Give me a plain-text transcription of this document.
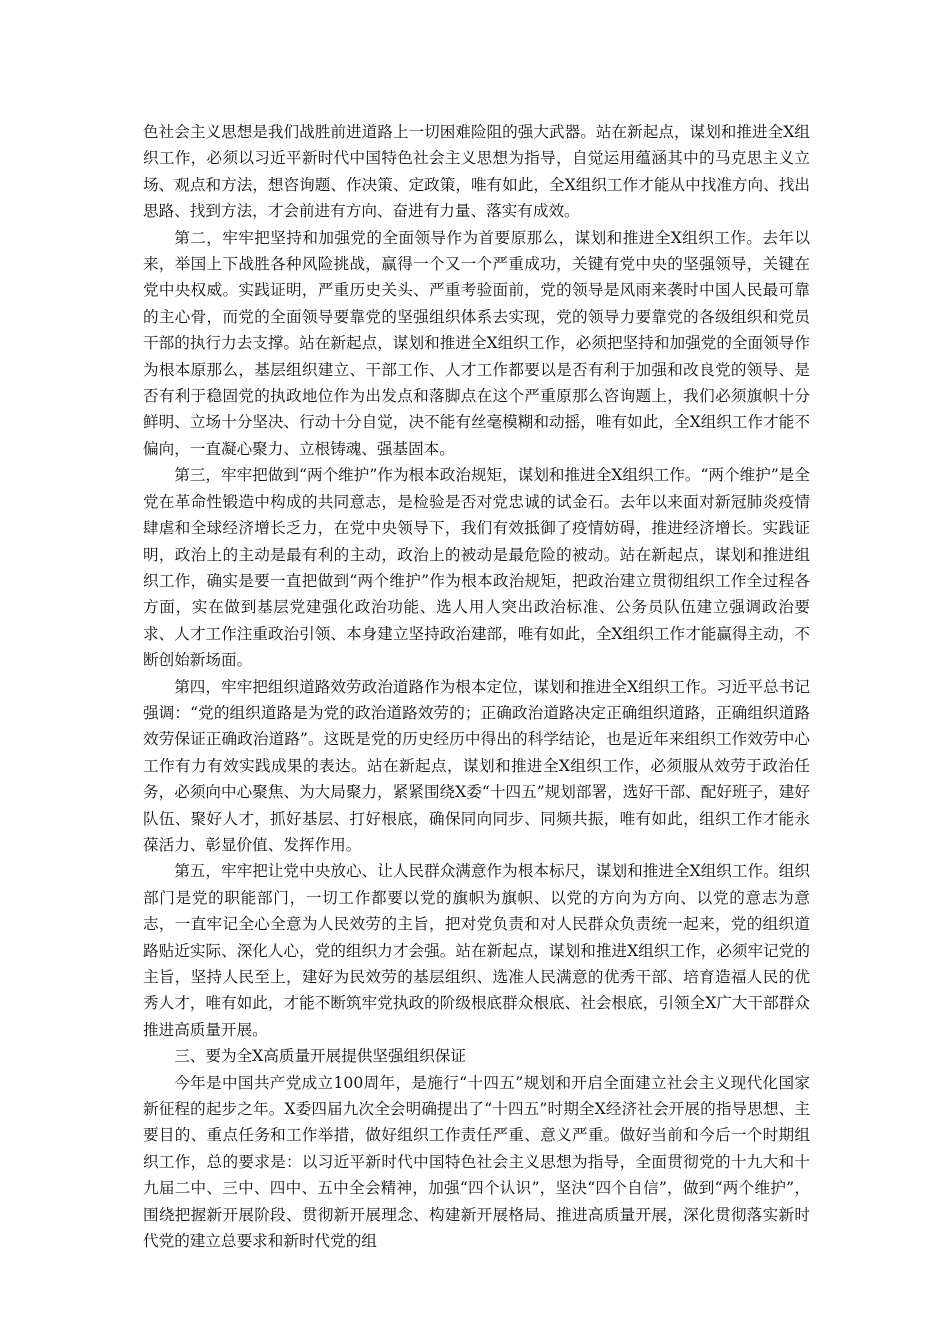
色社会主义思想是我们战胜前进道路上一切困难险阻的强大武器。站在新起点，谋划和推进全X组织工作，必须以习近平新时代中国特色社会主义思想为指导，自觉运用蕴涵其中的马克思主义立场、观点和方法，想咨询题、作决策、定政策，唯有如此，全X组织工作才能从中找准方向、找出思路、找到方法，才会前进有方向、奋进有力量、落实有成效。

第二，牢牢把坚持和加强党的全面领导作为首要原那么，谋划和推进全X组织工作。去年以来，举国上下战胜各种风险挑战，赢得一个又一个严重成功，关键有党中央的坚强领导，关键在党中央权威。实践证明，严重历史关头、严重考验面前，党的领导是风雨来袭时中国人民最可靠的主心骨，而党的全面领导要靠党的坚强组织体系去实现，党的领导力要靠党的各级组织和党员干部的执行力去支撑。站在新起点，谋划和推进全X组织工作，必须把坚持和加强党的全面领导作为根本原那么，基层组织建立、干部工作、人才工作都要以是否有利于加强和改良党的领导、是否有利于稳固党的执政地位作为出发点和落脚点在这个严重原那么咨询题上，我们必须旗帜十分鲜明、立场十分坚决、行动十分自觉，决不能有丝毫模糊和动摇，唯有如此，全X组织工作才能不偏向，一直凝心聚力、立根铸魂、强基固本。

第三，牢牢把做到“两个维护”作为根本政治规矩，谋划和推进全X组织工作。“两个维护”是全党在革命性锻造中构成的共同意志，是检验是否对党忠诚的试金石。去年以来面对新冠肺炎疫情肆虐和全球经济增长乏力，在党中央领导下，我们有效抵御了疫情妨碍，推进经济增长。实践证明，政治上的主动是最有利的主动，政治上的被动是最危险的被动。站在新起点，谋划和推进组织工作，确实是要一直把做到“两个维护”作为根本政治规矩，把政治建立贯彻组织工作全过程各方面，实在做到基层党建强化政治功能、选人用人突出政治标准、公务员队伍建立强调政治要求、人才工作注重政治引领、本身建立坚持政治建部，唯有如此，全X组织工作才能赢得主动，不断创始新场面。

第四，牢牢把组织道路效劳政治道路作为根本定位，谋划和推进全X组织工作。习近平总书记强调：“党的组织道路是为党的政治道路效劳的；正确政治道路决定正确组织道路，正确组织道路效劳保证正确政治道路”。这既是党的历史经历中得出的科学结论，也是近年来组织工作效劳中心工作有力有效实践成果的表达。站在新起点，谋划和推进全X组织工作，必须服从效劳于政治任务，必须向中心聚焦、为大局聚力，紧紧围绕X委“十四五”规划部署，选好干部、配好班子，建好队伍、聚好人才，抓好基层、打好根底，确保同向同步、同频共振，唯有如此，组织工作才能永葆活力、彰显价值、发挥作用。

第五，牢牢把让党中央放心、让人民群众满意作为根本标尺，谋划和推进全X组织工作。组织部门是党的职能部门，一切工作都要以党的旗帜为旗帜、以党的方向为方向、以党的意志为意志，一直牢记全心全意为人民效劳的主旨，把对党负责和对人民群众负责统一起来，党的组织道路贴近实际、深化人心，党的组织力才会强。站在新起点，谋划和推进X组织工作，必须牢记党的主旨，坚持人民至上，建好为民效劳的基层组织、选准人民满意的优秀干部、培育造福人民的优秀人才，唯有如此，才能不断筑牢党执政的阶级根底群众根底、社会根底，引领全X广大干部群众推进高质量开展。

三、要为全X高质量开展提供坚强组织保证

今年是中国共产党成立100周年，是施行“十四五”规划和开启全面建立社会主义现代化国家新征程的起步之年。X委四届九次全会明确提出了“十四五”时期全X经济社会开展的指导思想、主要目的、重点任务和工作举措，做好组织工作责任严重、意义严重。做好当前和今后一个时期组织工作，总的要求是：以习近平新时代中国特色社会主义思想为指导，全面贯彻党的十九大和十九届二中、三中、四中、五中全会精神，加强“四个认识”，坚決“四个自信”，做到“两个维护”，围绕把握新开展阶段、贯彻新开展理念、构建新开展格局、推进高质量开展，深化贯彻落实新时代党的建立总要求和新时代党的组
